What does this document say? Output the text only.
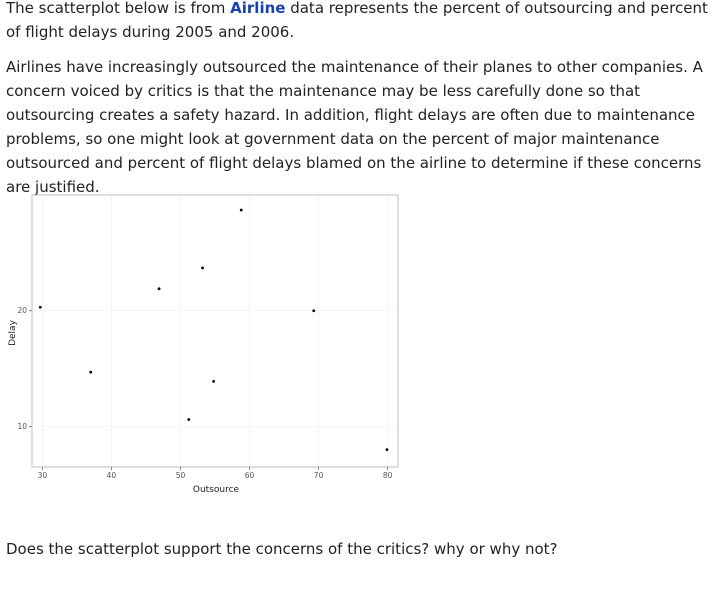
The scatterplot below is from Airline data represents the percent of outsourcing and percent of flight delays during 2005 and 2006.

Airlines have increasingly outsourced the maintenance of their planes to other companies. A concern voiced by critics is that the maintenance may be less carefully done so that outsourcing creates a safety hazard. In addition, flight delays are often due to maintenance problems, so one might look at government data on the percent of major maintenance outsourced and percent of flight delays blamed on the airline to determine if these concerns are justified.

30	40	50	60	70	80
10
20
Outsource
Delay

Does the scatterplot support the concerns of the critics? why or why not?
